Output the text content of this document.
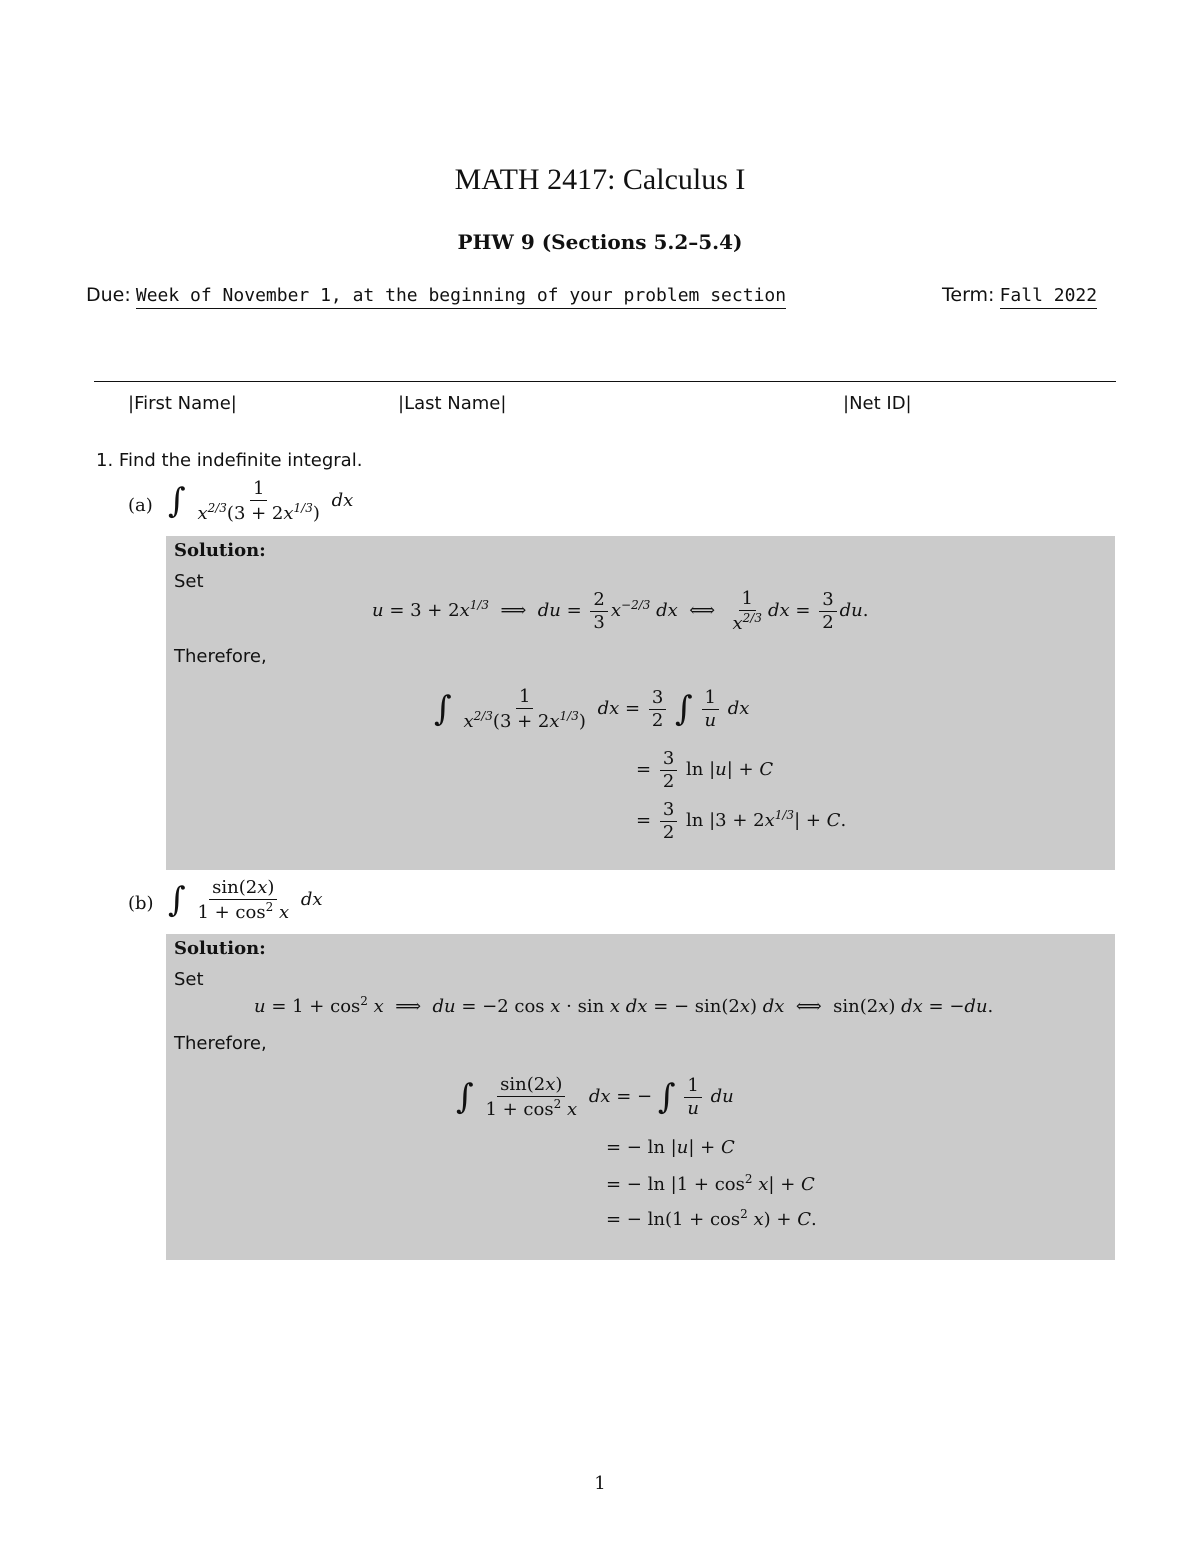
MATH 2417: Calculus I
PHW 9 (Sections 5.2–5.4)
Due: Week of November 1, at the beginning of your problem section	Term: Fall 2022
|First Name|	|Last Name|	|Net ID|
1. Find the indefinite integral.
(a) ∫ $\frac{1}{x^{2/3}(3 + 2x^{1/3})}$ dx
Solution:
Set
$u = 3 + 2x^{1/3}$  ⟹  du = $\frac{2}{3} x^{-2/3}$ dx  ⟺ $\frac{1}{x^{2/3}}$ dx = $\frac{3}{2}$ du.
Therefore,
∫ $\frac{1}{x^{2/3}(3 + 2x^{1/3})}$ dx = $\frac{3}{2}$ ∫ $\frac{1}{u}$ dx
= $\frac{3}{2}$ ln |u| + C
= $\frac{3}{2}$ $\ln |3 + 2x^{1/3}| + C$.
(b) ∫ $\frac{\sin(2x)}{1 + \cos^2 x}$ dx
Solution:
Set
$u = 1 + \cos^2 x$  ⟹  du = −2 cos x · sin x dx = − sin(2x) dx  ⟺  sin(2x) dx = −du.
Therefore,
∫ $\frac{\sin(2x)}{1 + \cos^2 x}$ dx = − ∫ $\frac{1}{u}$ du
= − ln |u| + C
= − $\ln |1 + \cos^2 x| + C$
= − $\ln(1 + \cos^2 x) + C$.
1
